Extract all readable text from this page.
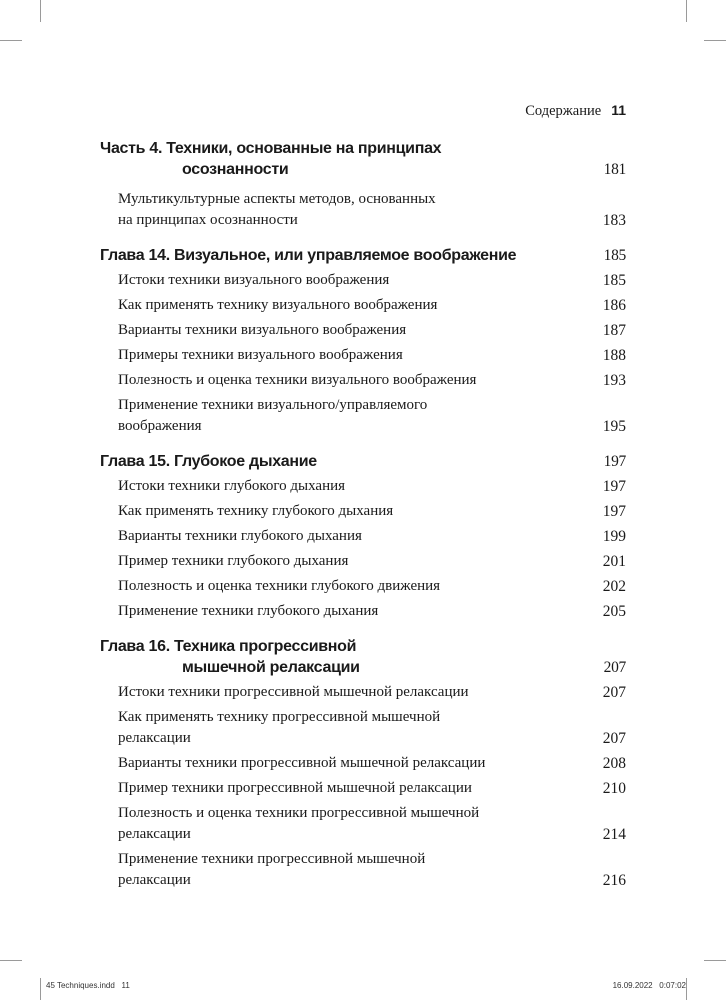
Содержание 11
Часть 4. Техники, основанные на принципах
осознанности	181
Мультикультурные аспекты методов, основанных
на принципах осознанности	183
Глава 14. Визуальное, или управляемое воображение	185
Истоки техники визуального воображения	185
Как применять технику визуального воображения	186
Варианты техники визуального воображения	187
Примеры техники визуального воображения	188
Полезность и оценка техники визуального воображения	193
Применение техники визуального/управляемого
воображения	195
Глава 15. Глубокое дыхание	197
Истоки техники глубокого дыхания	197
Как применять технику глубокого дыхания	197
Варианты техники глубокого дыхания	199
Пример техники глубокого дыхания	201
Полезность и оценка техники глубокого движения	202
Применение техники глубокого дыхания	205
Глава 16. Техника прогрессивной
мышечной релаксации	207
Истоки техники прогрессивной мышечной релаксации	207
Как применять технику прогрессивной мышечной
релаксации	207
Варианты техники прогрессивной мышечной релаксации	208
Пример техники прогрессивной мышечной релаксации	210
Полезность и оценка техники прогрессивной мышечной
релаксации	214
Применение техники прогрессивной мышечной
релаксации	216
45 Techniques.indd   11	16.09.2022   0:07:02
